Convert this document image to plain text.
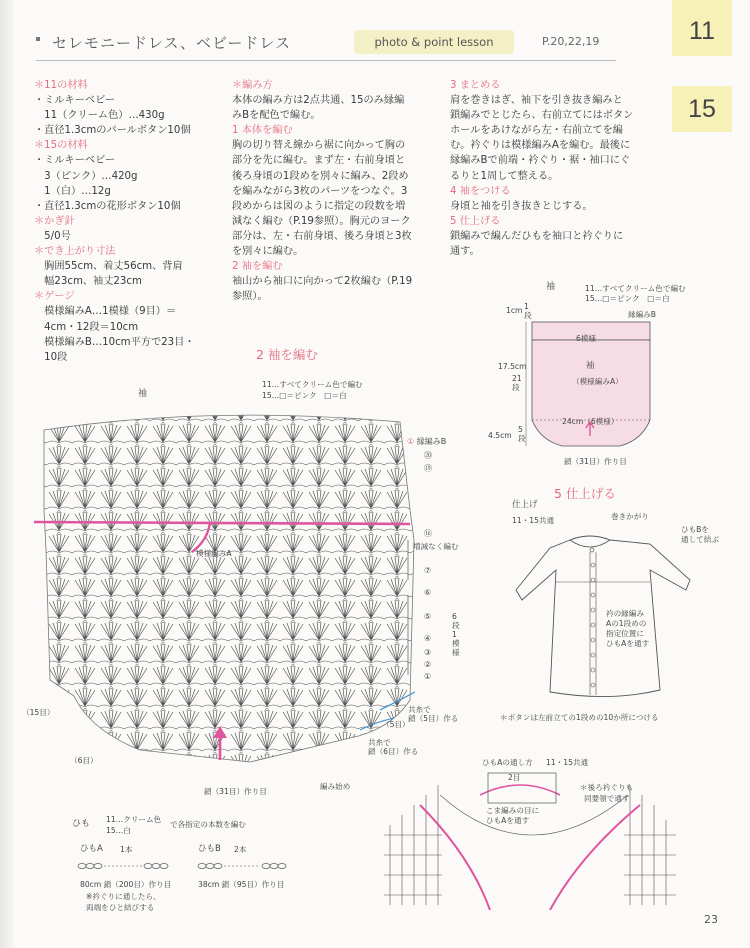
セレモニードレス、ベビードレス	photo & point lesson	P.20,22,19	11
15
＊11の材料
・ミルキーベビー
　11（クリーム色）…430g
・直径1.3cmのパールボタン10個
＊15の材料
・ミルキーベビー
　3（ピンク）…420g
　1（白）…12g
・直径1.3cmの花形ボタン10個
＊かぎ針
　5/0号
＊でき上がり寸法
　胸囲55cm、着丈56cm、背肩
　幅23cm、袖丈23cm
＊ゲージ
　模様編みA…1模様（9目）＝
　4cm・12段＝10cm
　模様編みB…10cm平方で23目・
　10段
＊編み方
本体の編み方は2点共通、15のみ縁編
みBを配色で編む。
1 本体を編む
胸の切り替え線から裾に向かって胸の
部分を先に編む。まず左・右前身頃と
後ろ身頃の1段めを別々に編み、2段め
を編みながら3枚のパーツをつなぐ。3
段めからは図のように指定の段数を増
減なく編む（P.19参照）。胸元のヨーク
部分は、左・右前身頃、後ろ身頃と3枚
を別々に編む。
2 袖を編む
袖山から袖口に向かって2枚編む（P.19
参照）。
3 まとめる
肩を巻きはぎ、袖下を引き抜き編みと
鎖編みでとじたら、右前立てにはボタン
ホールをあけながら左・右前立てを編
む。衿ぐりは模様編みAを編む。最後に
縁編みBで前端・衿ぐり・裾・袖口にぐ
るりと1周して整える。
4 袖をつける
身頃と袖を引き抜きとじする。
5 仕上げる
鎖編みで編んだひもを袖口と衿ぐりに
通す。
2 袖を編む
袖
11…すべてクリーム色で編む
15…□＝ピンク　□＝白
① 縁編みB
⑳
⑲
⑯
増減なく編む
⑦
⑥
6段1模様
⑤
④
③
②
①
模様編みA
共糸で
鎖（5目）作る
共糸で
鎖（6目）作る
編み始め
鎖（31目）作り目
（6目）
（15目）
（5目）
袖	11…すべてクリーム色で編む
15…□＝ピンク　□＝白
縁編みB
6模様
袖
（模様編みA）
17.5cm
21段
4.5cm
5段
1cm 1段
24cm（6模様）
鎖（31目）作り目
5 仕上げる
仕上げ
11・15共通	巻きかがり
ひもBを
通して結ぶ
衿の縁編み
Aの1段めの
指定位置に
ひもAを通す
＊ボタンは左前立ての1段めの10か所につける
ひも 11…クリーム色
15…白
で各指定の本数を編む
ひもA 1本	ひもB 2本
80cm 鎖（200目）作り目	38cm 鎖（95目）作り目
※衿ぐりに通したら、
両端をひと結びする
ひもAの通し方 11・15共通
2目
こま編みの目に
ひもAを通す
＊後ろ衿ぐりも
同要領で通す
23
